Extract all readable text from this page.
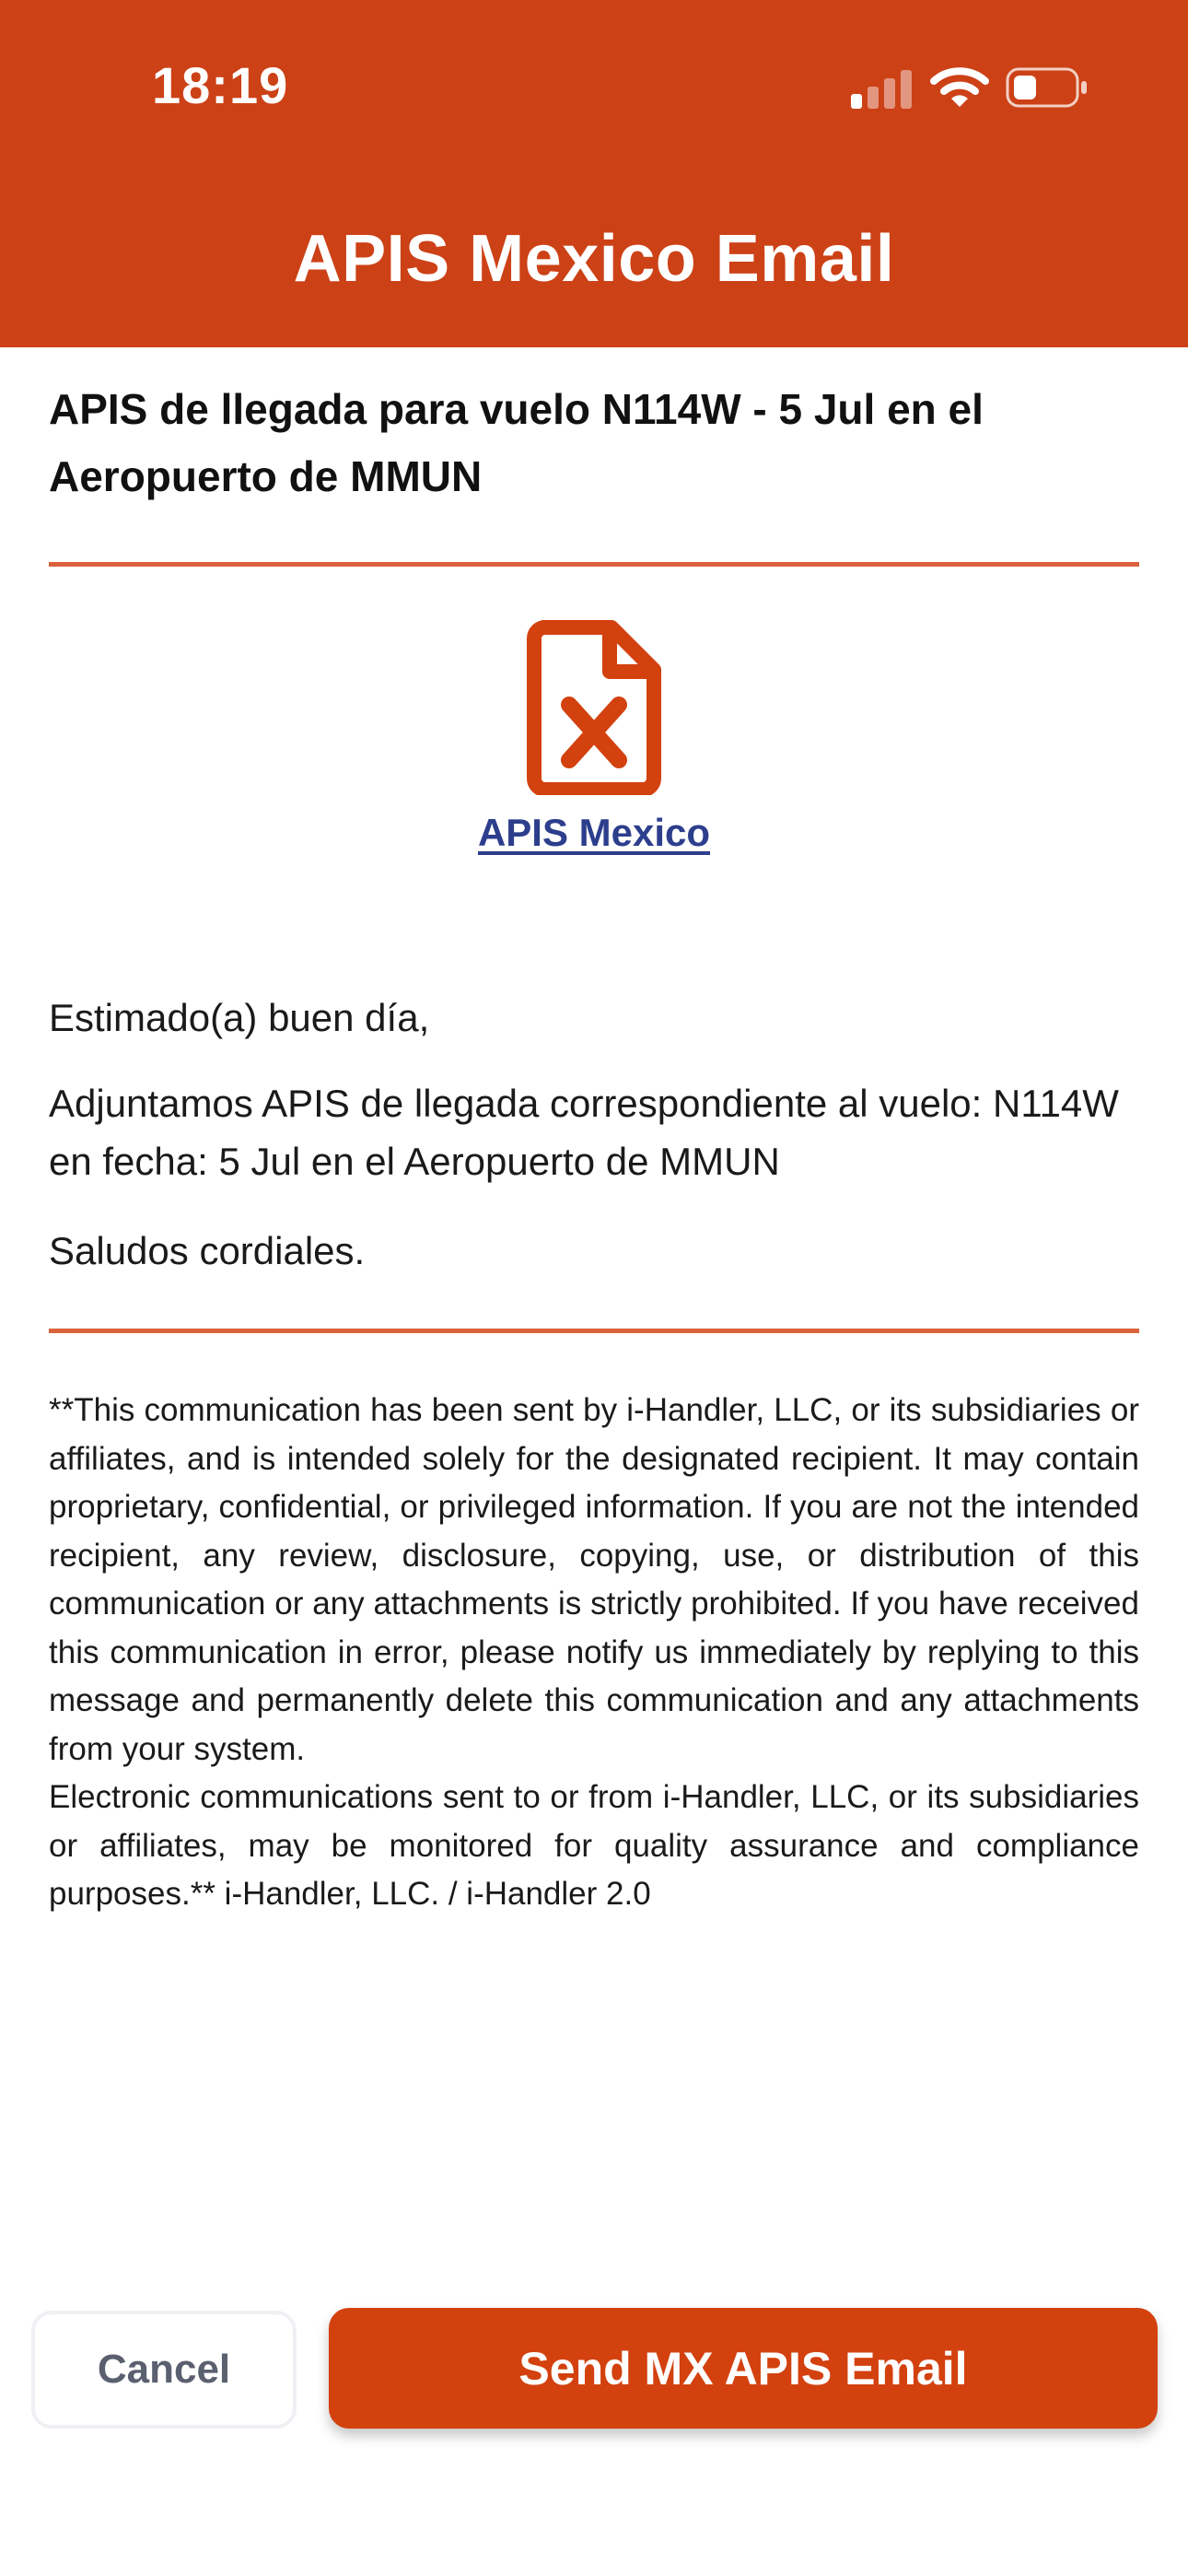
18:19
APIS Mexico Email
APIS de llegada para vuelo N114W - 5 Jul en el Aeropuerto de MMUN
APIS Mexico
Estimado(a) buen día,
Adjuntamos APIS de llegada correspondiente al vuelo: N114W en fecha: 5 Jul en el Aeropuerto de MMUN
Saludos cordiales.

**This communication has been sent by i-Handler, LLC, or its subsidiaries or affiliates, and is intended solely for the designated recipient. It may contain proprietary, confidential, or privileged information. If you are not the intended recipient, any review, disclosure, copying, use, or distribution of this communication or any attachments is strictly prohibited. If you have received this communication in error, please notify us immediately by replying to this message and permanently delete this communication and any attachments from your system.

Electronic communications sent to or from i-Handler, LLC, or its subsidiaries or affiliates, may be monitored for quality assurance and compliance purposes.** i-Handler, LLC. / i-Handler 2.0

Cancel	Send MX APIS Email
